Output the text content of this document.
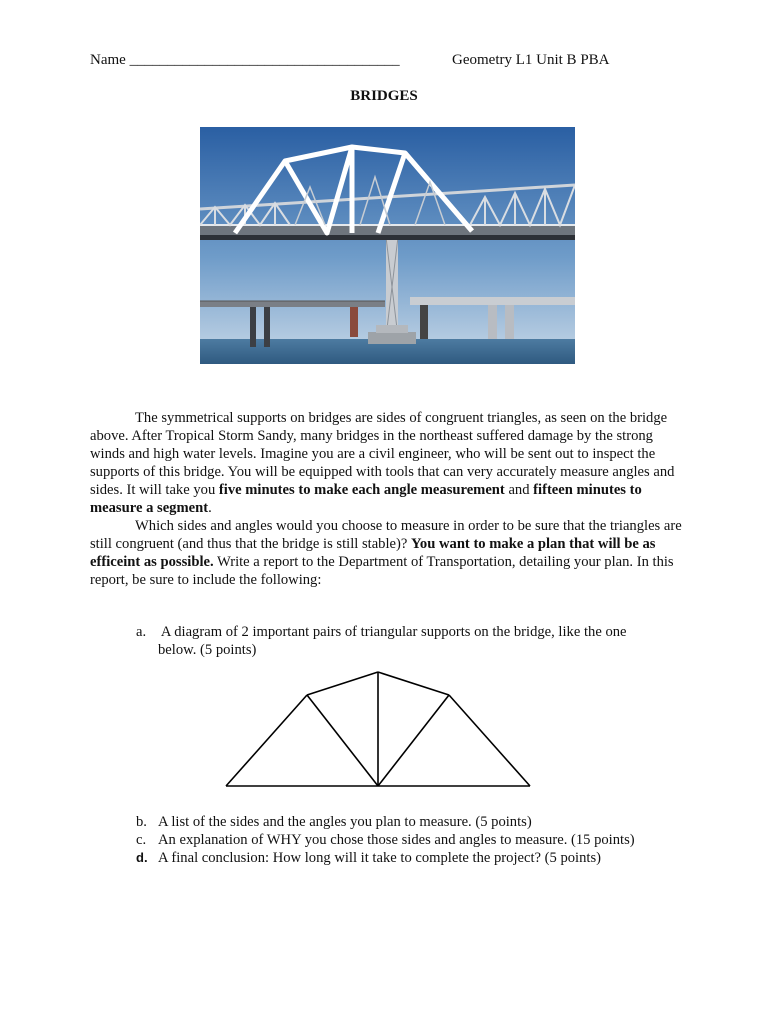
Name ____________________________________	Geometry L1 Unit B PBA
BRIDGES

The symmetrical supports on bridges are sides of congruent triangles, as seen on the bridge above. After Tropical Storm Sandy, many bridges in the northeast suffered damage by the strong winds and high water levels. Imagine you are a civil engineer, who will be sent out to inspect the supports of this bridge. You will be equipped with tools that can very accurately measure angles and sides. It will take you five minutes to make each angle measurement and fifteen minutes to measure a segment.

Which sides and angles would you choose to measure in order to be sure that the triangles are still congruent (and thus that the bridge is still stable)? You want to make a plan that will be as efficeint as possible. Write a report to the Department of Transportation, detailing your plan. In this report, be sure to include the following:

a. A diagram of 2 important pairs of triangular supports on the bridge, like the one
below. (5 points)
b. A list of the sides and the angles you plan to measure. (5 points)
c. An explanation of WHY you chose those sides and angles to measure. (15 points)
d. A final conclusion: How long will it take to complete the project? (5 points)
